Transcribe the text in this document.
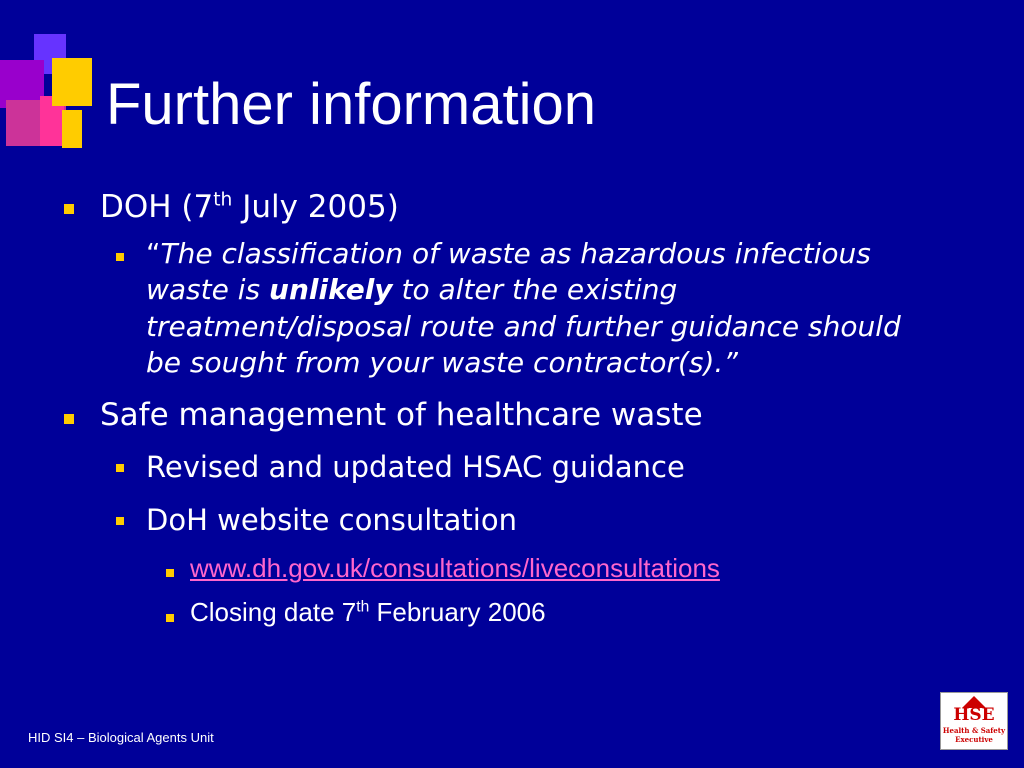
Further information
DOH (7th July 2005)
“The classification of waste as hazardous infectious
waste is unlikely to alter the existing
treatment/disposal route and further guidance should
be sought from your waste contractor(s).”
Safe management of healthcare waste
Revised and updated HSAC guidance
DoH website consultation
www.dh.gov.uk/consultations/liveconsultations
Closing date 7th February 2006
HID SI4 – Biological Agents Unit
HSE
Health & Safety
Executive
